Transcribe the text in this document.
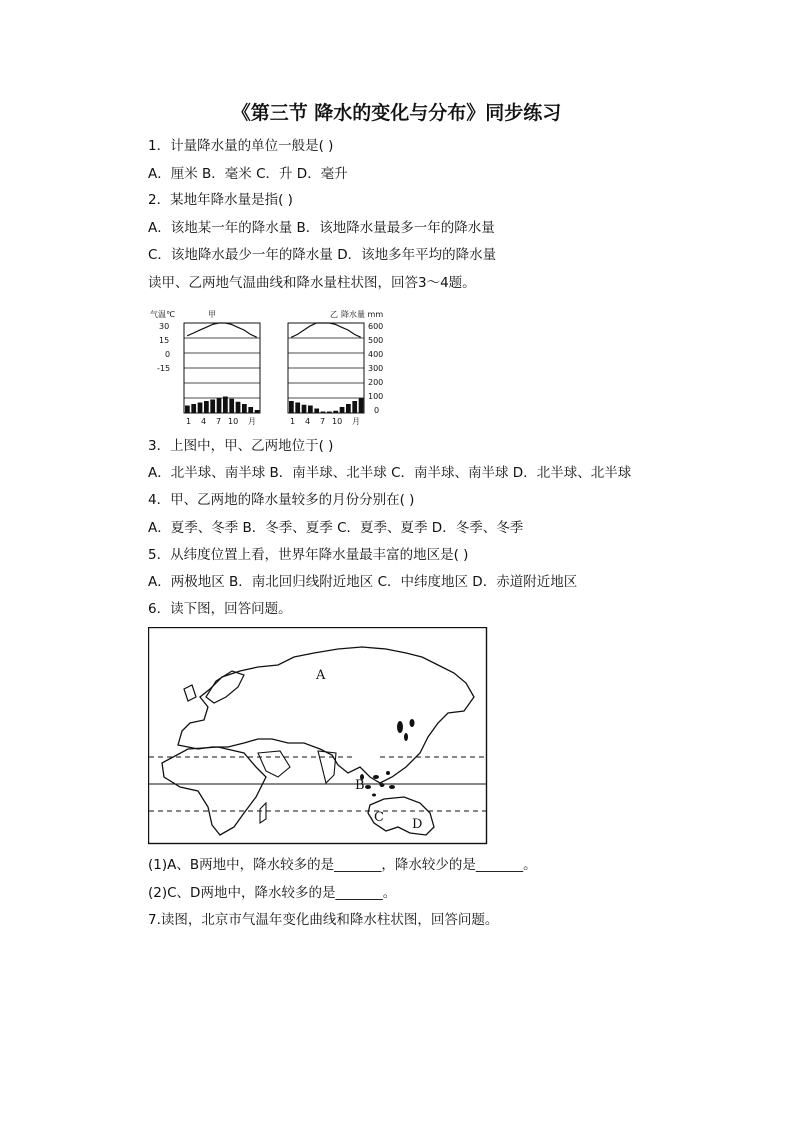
《第三节 降水的变化与分布》同步练习
1．计量降水量的单位一般是( )
A．厘米 B．毫米 C．升 D．毫升
2．某地年降水量是指( )
A．该地某一年的降水量 B．该地降水量最多一年的降水量
C．该地降水最少一年的降水量 D．该地多年平均的降水量
读甲、乙两地气温曲线和降水量柱状图，回答3～4题。
气温℃	甲	乙 降水量 mm
30
15
0
-15
600
500
400
300
200
100
0
1 4 7 10 月	1 4 7 10 月
3．上图中，甲、乙两地位于( )
A．北半球、南半球 B．南半球、北半球 C．南半球、南半球 D．北半球、北半球
4．甲、乙两地的降水量较多的月份分别在( )
A．夏季、冬季 B．冬季、夏季 C．夏季、夏季 D．冬季、冬季
5．从纬度位置上看，世界年降水量最丰富的地区是( )
A．两极地区 B．南北回归线附近地区 C．中纬度地区 D．赤道附近地区
6．读下图，回答问题。
A
B
C D
(1)A、B两地中，降水较多的是_______，降水较少的是_______。
(2)C、D两地中，降水较多的是_______。
7.读图，北京市气温年变化曲线和降水柱状图，回答问题。
